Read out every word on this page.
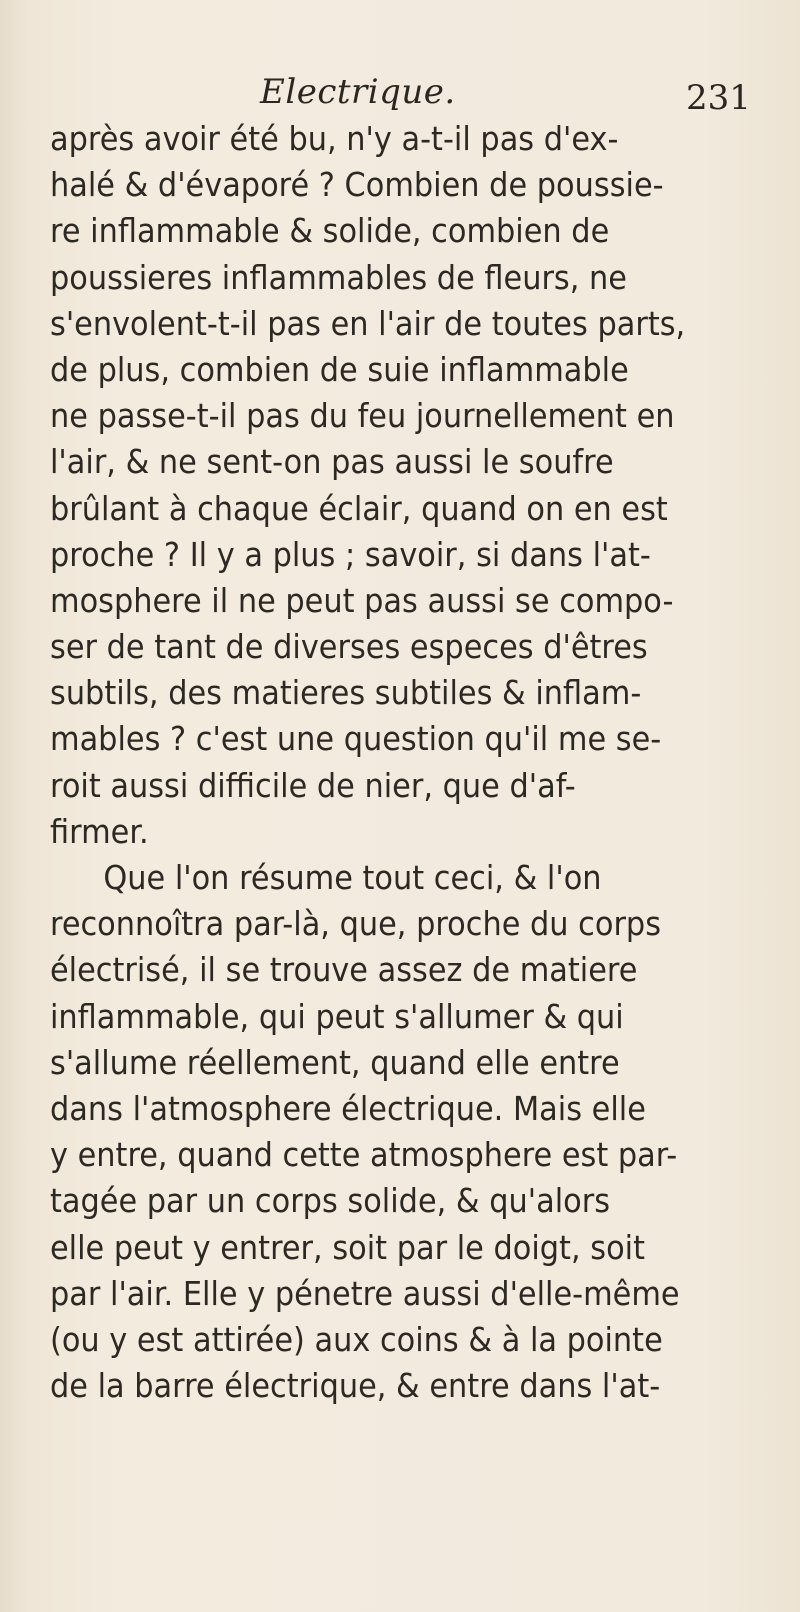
Electrique.	231
après avoir été bu, n'y a-t-il pas d'ex-
halé & d'évaporé ? Combien de poussie-
re inflammable & solide, combien de
poussieres inflammables de fleurs, ne
s'envolent-t-il pas en l'air de toutes parts,
de plus, combien de suie inflammable
ne passe-t-il pas du feu journellement en
l'air, & ne sent-on pas aussi le soufre
brûlant à chaque éclair, quand on en est
proche ? Il y a plus ; savoir, si dans l'at-
mosphere il ne peut pas aussi se compo-
ser de tant de diverses especes d'êtres
subtils, des matieres subtiles & inflam-
mables ? c'est une question qu'il me se-
roit aussi difficile de nier, que d'af-
firmer.
Que l'on résume tout ceci, & l'on
reconnoîtra par-là, que, proche du corps
électrisé, il se trouve assez de matiere
inflammable, qui peut s'allumer & qui
s'allume réellement, quand elle entre
dans l'atmosphere électrique. Mais elle
y entre, quand cette atmosphere est par-
tagée par un corps solide, & qu'alors
elle peut y entrer, soit par le doigt, soit
par l'air. Elle y pénetre aussi d'elle-même
(ou y est attirée) aux coins & à la pointe
de la barre électrique, & entre dans l'at-
